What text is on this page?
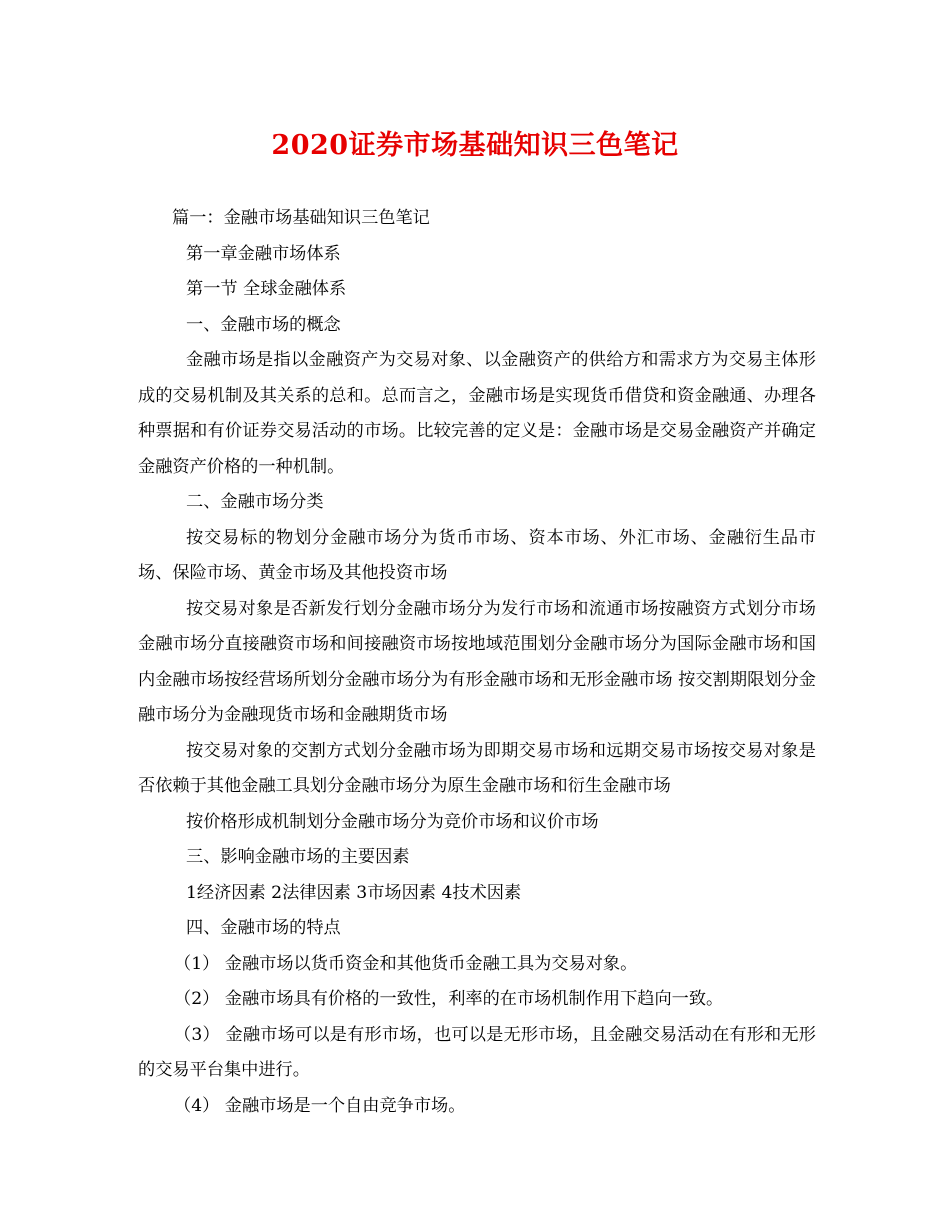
2020证券市场基础知识三色笔记

篇一：金融市场基础知识三色笔记

第一章金融市场体系

第一节 全球金融体系

一、金融市场的概念

金融市场是指以金融资产为交易对象、以金融资产的供给方和需求方为交易主体形成的交易机制及其关系的总和。总而言之，金融市场是实现货币借贷和资金融通、办理各种票据和有价证券交易活动的市场。比较完善的定义是：金融市场是交易金融资产并确定金融资产价格的一种机制。

二、金融市场分类

按交易标的物划分金融市场分为货币市场、资本市场、外汇市场、金融衍生品市场、保险市场、黄金市场及其他投资市场

按交易对象是否新发行划分金融市场分为发行市场和流通市场按融资方式划分市场金融市场分直接融资市场和间接融资市场按地域范围划分金融市场分为国际金融市场和国内金融市场按经营场所划分金融市场分为有形金融市场和无形金融市场 按交割期限划分金融市场分为金融现货市场和金融期货市场

按交易对象的交割方式划分金融市场为即期交易市场和远期交易市场按交易对象是否依赖于其他金融工具划分金融市场分为原生金融市场和衍生金融市场

按价格形成机制划分金融市场分为竞价市场和议价市场

三、影响金融市场的主要因素

1经济因素 2法律因素 3市场因素 4技术因素

四、金融市场的特点

（1） 金融市场以货币资金和其他货币金融工具为交易对象。

（2） 金融市场具有价格的一致性，利率的在市场机制作用下趋向一致。

（3） 金融市场可以是有形市场，也可以是无形市场，且金融交易活动在有形和无形的交易平台集中进行。

（4） 金融市场是一个自由竞争市场。
